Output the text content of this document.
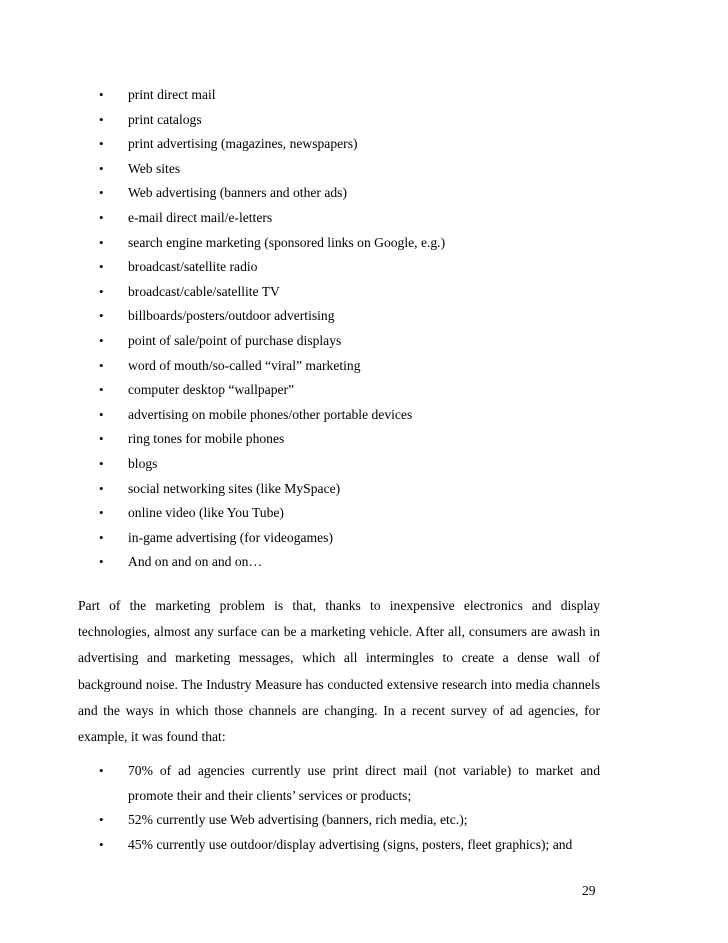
• print direct mail
• print catalogs
• print advertising (magazines, newspapers)
• Web sites
• Web advertising (banners and other ads)
• e-mail direct mail/e-letters
• search engine marketing (sponsored links on Google, e.g.)
• broadcast/satellite radio
• broadcast/cable/satellite TV
• billboards/posters/outdoor advertising
• point of sale/point of purchase displays
• word of mouth/so-called “viral” marketing
• computer desktop “wallpaper”
• advertising on mobile phones/other portable devices
• ring tones for mobile phones
• blogs
• social networking sites (like MySpace)
• online video (like You Tube)
• in-game advertising (for videogames)
• And on and on and on…

Part of the marketing problem is that, thanks to inexpensive electronics and display technologies, almost any surface can be a marketing vehicle. After all, consumers are awash in advertising and marketing messages, which all intermingles to create a dense wall of background noise. The Industry Measure has conducted extensive research into media channels and the ways in which those channels are changing. In a recent survey of ad agencies, for example, it was found that:

• 70% of ad agencies currently use print direct mail (not variable) to market and promote their and their clients’ services or products;
• 52% currently use Web advertising (banners, rich media, etc.);
• 45% currently use outdoor/display advertising (signs, posters, fleet graphics); and
29
